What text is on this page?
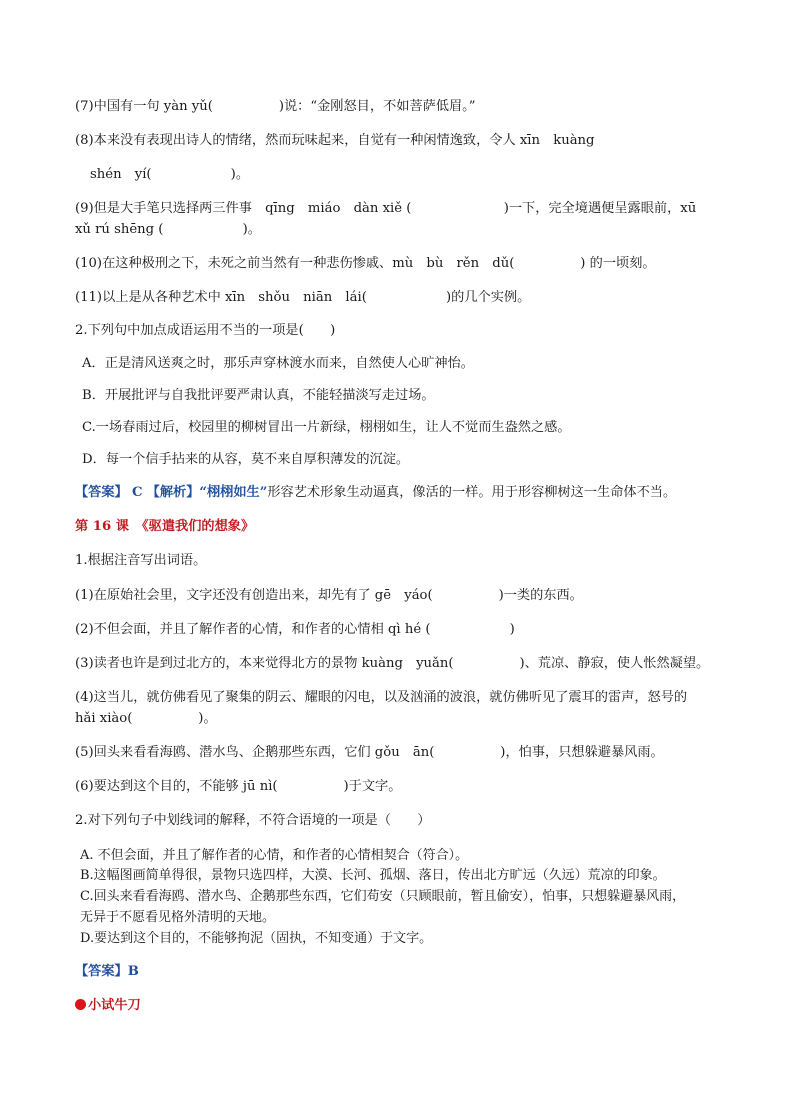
(7)中国有一句 yàn yǔ(　　　　　)说：“金刚怒目，不如菩萨低眉。”
(8)本来没有表现出诗人的情绪，然而玩味起来，自觉有一种闲情逸致，令人 xīn　kuàng
shén　yí(　　　　　　)。
(9)但是大手笔只选择两三件事　qīng　miáo　dàn xiě (　　　　　　　)一下，完全境遇便呈露眼前，xū
xǔ rú shēng (　　　　　　)。
(10)在这种极刑之下，未死之前当然有一种悲伤惨戚、mù　bù　rěn　dǔ(　　　　　) 的一顷刻。
(11)以上是从各种艺术中 xīn　shǒu　niān　lái(　　　　　　)的几个实例。
2.下列句中加点成语运用不当的一项是(　　)
A．正是清风送爽之时，那乐声穿林渡水而来，自然使人心旷神怡。
B．开展批评与自我批评要严肃认真，不能轻描淡写走过场。
C.一场春雨过后，校园里的柳树冒出一片新绿，栩栩如生，让人不觉而生盎然之感。
D．每一个信手拈来的从容，莫不来自厚积薄发的沉淀。
【答案】 C 【解析】“栩栩如生”形容艺术形象生动逼真，像活的一样。用于形容柳树这一生命体不当。
第 16 课　《驱遣我们的想象》
1.根据注音写出词语。
(1)在原始社会里，文字还没有创造出来，却先有了 gē　yáo(　　　　　)一类的东西。
(2)不但会面，并且了解作者的心情，和作者的心情相 qì hé (　　　　　　)
(3)读者也许是到过北方的，本来觉得北方的景物 kuàng　yuǎn(　　　　　)、荒凉、静寂，使人怅然凝望。
(4)这当儿，就仿佛看见了聚集的阴云、耀眼的闪电，以及汹涌的波浪，就仿佛听见了震耳的雷声，怒号的
hǎi xiào(　　　　　)。
(5)回头来看看海鸥、潜水鸟、企鹅那些东西，它们 gǒu　ān(　　　　　)，怕事，只想躲避暴风雨。
(6)要达到这个目的，不能够 jū nì(　　　　　)于文字。
2.对下列句子中划线词的解释，不符合语境的一项是（　　）
A. 不但会面，并且了解作者的心情，和作者的心情相契合（符合）。
B.这幅图画简单得很，景物只选四样，大漠、长河、孤烟、落日，传出北方旷远（久远）荒凉的印象。
C.回头来看看海鸥、潜水鸟、企鹅那些东西，它们苟安（只顾眼前，暂且偷安），怕事，只想躲避暴风雨，
无异于不愿看见格外清明的天地。
D.要达到这个目的，不能够拘泥（固执，不知变通）于文字。
【答案】B
小试牛刀
